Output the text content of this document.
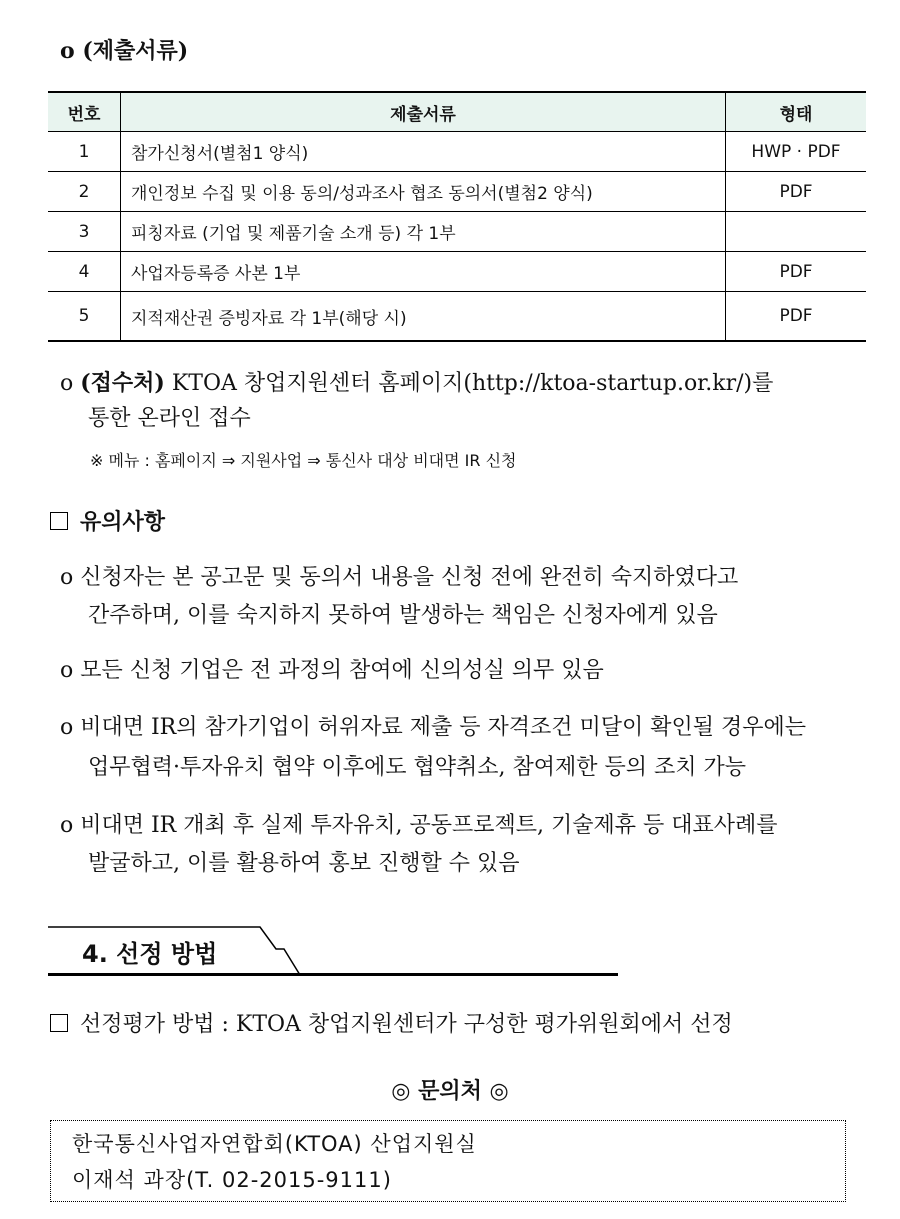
o (제출서류)
번호	제출서류	형태
1	참가신청서(별첨1 양식)	HWP · PDF
2	개인정보 수집 및 이용 동의/성과조사 협조 동의서(별첨2 양식)	PDF
3	피칭자료 (기업 및 제품기술 소개 등) 각 1부	
4	사업자등록증 사본 1부	PDF
5	지적재산권 증빙자료 각 1부(해당 시)	PDF
o (접수처) KTOA 창업지원센터 홈페이지(http://ktoa-startup.or.kr/)를
통한 온라인 접수
※ 메뉴 : 홈페이지 ⇒ 지원사업 ⇒ 통신사 대상 비대면 IR 신청
유의사항
o 신청자는 본 공고문 및 동의서 내용을 신청 전에 완전히 숙지하였다고
간주하며, 이를 숙지하지 못하여 발생하는 책임은 신청자에게 있음
o 모든 신청 기업은 전 과정의 참여에 신의성실 의무 있음
o 비대면 IR의 참가기업이 허위자료 제출 등 자격조건 미달이 확인될 경우에는
업무협력·투자유치 협약 이후에도 협약취소, 참여제한 등의 조치 가능
o 비대면 IR 개최 후 실제 투자유치, 공동프로젝트, 기술제휴 등 대표사례를
발굴하고, 이를 활용하여 홍보 진행할 수 있음
4. 선정 방법
선정평가 방법 : KTOA 창업지원센터가 구성한 평가위원회에서 선정
◎ 문의처 ◎
한국통신사업자연합회(KTOA) 산업지원실
이재석 과장(T. 02-2015-9111)
